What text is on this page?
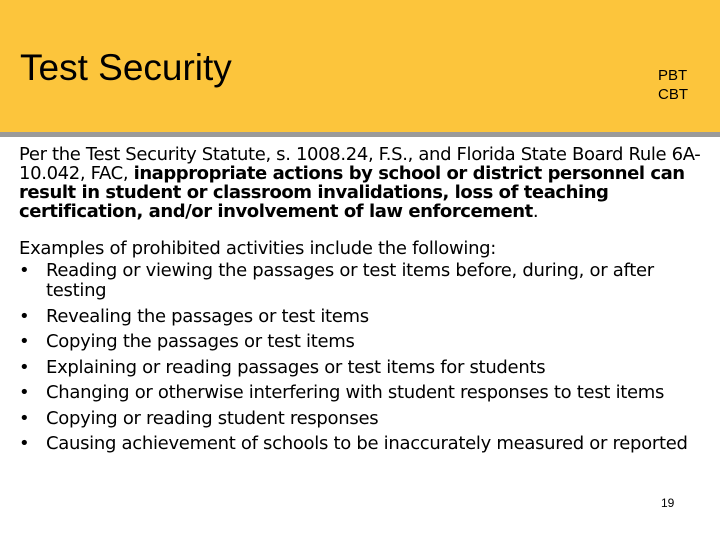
Test Security	PBT
CBT

Per the Test Security Statute, s. 1008.24, F.S., and Florida State Board Rule 6A-10.042, FAC, inappropriate actions by school or district personnel can result in student or classroom invalidations, loss of teaching certification, and/or involvement of law enforcement.

Examples of prohibited activities include the following:
• Reading or viewing the passages or test items before, during, or after testing
• Revealing the passages or test items
• Copying the passages or test items
• Explaining or reading passages or test items for students
• Changing or otherwise interfering with student responses to test items
• Copying or reading student responses
• Causing achievement of schools to be inaccurately measured or reported
19
